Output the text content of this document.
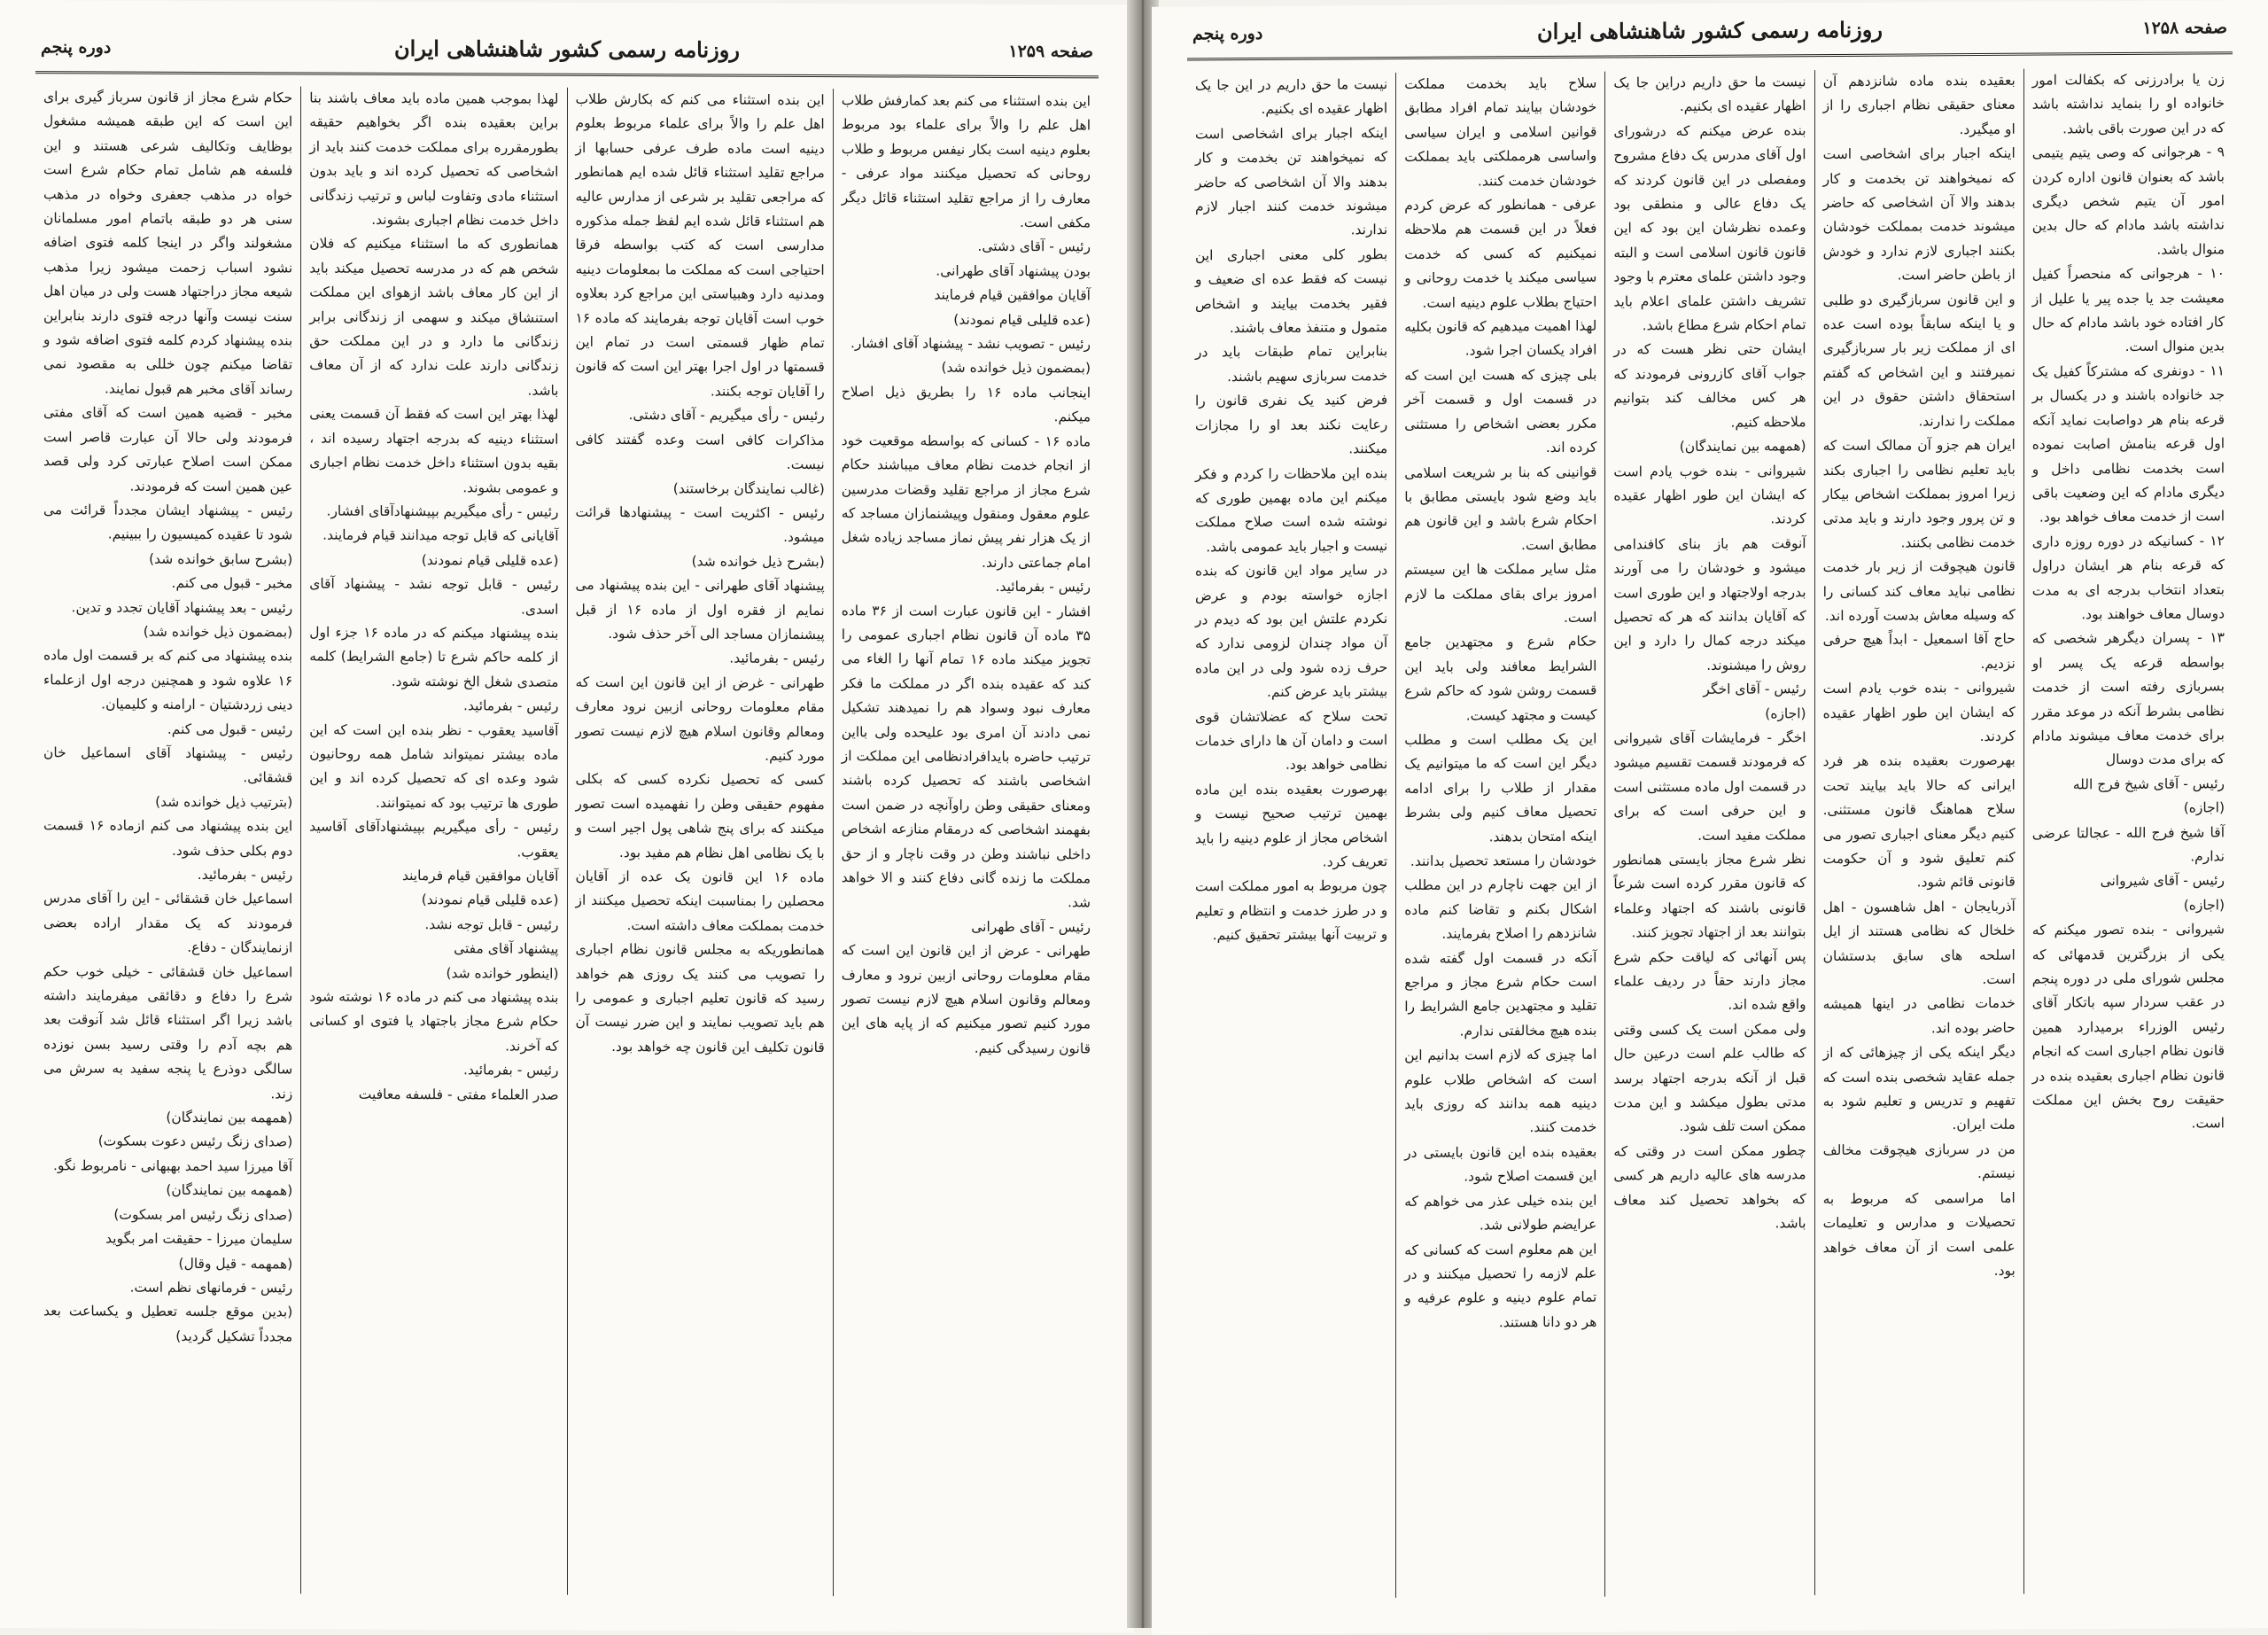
صفحه ۱۲۵۹
روزنامه رسمی کشور شاهنشاهی ایران
دوره پنجم
این بنده استثناء می کنم بعد کمارفش طلاب اهل علم را والاً برای علماء بود مربوط بعلوم دینیه است بکار نیفس مربوط و طلاب روحانی که تحصیل میکنند مواد عرفی - معارف را از مراجع تقلید استثناء قائل دیگر مکفی است.
رئیس - آقای دشتی.
بودن پیشنهاد آقای طهرانی.
آقایان موافقین قیام فرمایند
(عده قلیلی قیام نمودند)
رئیس - تصویب نشد - پیشنهاد آقای افشار.
(بمضمون ذیل خوانده شد)
اینجانب ماده ۱۶ را بطریق ذیل اصلاح میکنم.
ماده ۱۶ - کسانی که بواسطه موقعیت خود از انجام خدمت نظام معاف میباشند حکام شرع مجاز از مراجع تقلید وقضات مدرسین علوم معقول ومنقول وپیشنمازان مساجد که از یک هزار نفر پیش نماز مساجد زیاده شغل امام جماعتی دارند.
رئیس - بفرمائید.
افشار - این قانون عبارت است از ۳۶ ماده ۳۵ ماده آن قانون نظام اجباری عمومی را تجویز میکند ماده ۱۶ تمام آنها را الغاء می کند که عقیده بنده اگر در مملکت ما فکر معارف نبود وسواد هم را نمیدهند تشکیل نمی دادند آن امری بود علیحده ولی بااین ترتیب حاضره بایدافرادنظامی این مملکت از اشخاصی باشند که تحصیل کرده باشند ومعنای حقیقی وطن راوآنچه در ضمن است بفهمند اشخاصی که درمقام منازعه اشخاص داخلی نباشند وطن در وقت ناچار و از حق مملکت ما زنده گانی دفاع کنند و الا خواهد شد.
رئیس - آقای طهرانی
طهرانی - عرض از این قانون این است که مقام معلومات روحانی ازبین نرود و معارف ومعالم وقانون اسلام هیچ لازم نیست تصور مورد کنیم تصور میکنیم که از پایه های این قانون رسیدگی کنیم.
این بنده استثناء می کنم که بکارش طلاب اهل علم را والاً برای علماء مربوط بعلوم دینیه است ماده طرف عرفی حسابها از مراجع تقلید استثناء قائل شده ایم همانطور که مراجعی تقلید بر شرعی از مدارس عالیه هم استثناء قائل شده ایم لفظ جمله مذکوره مدارسی است که کتب بواسطه فرقا احتیاجی است که مملکت ما بمعلومات دینیه ومدنیه دارد وهبیاستی این مراجع کرد بعلاوه خوب است آقایان توجه بفرمایند که ماده ۱۶ تمام ظهار قسمتی است در تمام این قسمتها در اول اجرا بهتر این است که قانون را آقایان توجه بکنند.
رئیس - رأی میگیریم - آقای دشتی.
مذاکرات کافی است وعده گفتند کافی نیست.
(غالب نمایندگان برخاستند)
رئیس - اکثریت است - پیشنهادها قرائت میشود.
(بشرح ذیل خوانده شد)
پیشنهاد آقای طهرانی - این بنده پیشنهاد می نمایم از فقره اول از ماده ۱۶ از قبل پیشنمازان مساجد الی آخر حذف شود.
رئیس - بفرمائید.
طهرانی - غرض از این قانون این است که مقام معلومات روحانی ازبین نرود معارف ومعالم وقانون اسلام هیچ لازم نیست تصور مورد کنیم.
کسی که تحصیل نکرده کسی که بکلی مفهوم حقیقی وطن را نفهمیده است تصور میکنند که برای پنج شاهی پول اجیر است و با یک نظامی اهل نظام هم مفید بود.
ماده ۱۶ این قانون یک عده از آقایان محصلین را بمناسبت اینکه تحصیل میکنند از خدمت بمملکت معاف داشته است.
همانطوریکه به مجلس قانون نظام اجباری را تصویب می کنند یک روزی هم خواهد رسید که قانون تعلیم اجباری و عمومی را هم باید تصویب نمایند و این ضرر نیست آن قانون تکلیف این قانون چه خواهد بود.
لهذا بموجب همین ماده باید معاف باشند بنا براین بعقیده بنده اگر بخواهیم حقیقه بطورمقرره برای مملکت خدمت کنند باید از اشخاصی که تحصیل کرده اند و باید بدون استثناء مادی وتفاوت لباس و ترتیب زندگانی داخل خدمت نظام اجباری بشوند.
همانطوری که ما استثناء میکنیم که فلان شخص هم که در مدرسه تحصیل میکند باید از این کار معاف باشد ازهوای این مملکت استنشاق میکند و سهمی از زندگانی برابر زندگانی ما دارد و در این مملکت حق زندگانی دارند علت ندارد که از آن معاف باشد.
لهذا بهتر این است که فقط آن قسمت یعنی استثناء دینیه که بدرجه اجتهاد رسیده اند ، بقیه بدون استثناء داخل خدمت نظام اجباری و عمومی بشوند.
رئیس - رأی میگیریم بپیشنهادآقای افشار.
آقایانی که قابل توجه میدانند قیام فرمایند.
(عده قلیلی قیام نمودند)
رئیس - قابل توجه نشد - پیشنهاد آقای اسدی.
بنده پیشنهاد میکنم که در ماده ۱۶ جزء اول از کلمه حاکم شرع تا (جامع الشرایط) کلمه متصدی شغل الخ نوشته شود.
رئیس - بفرمائید.
آقاسید یعقوب - نظر بنده این است که این ماده بیشتر نمیتواند شامل همه روحانیون شود وعده ای که تحصیل کرده اند و این طوری ها ترتیب بود که نمیتوانند.
رئیس - رأی میگیریم بپیشنهادآقای آقاسید یعقوب.
آقایان موافقین قیام فرمایند
(عده قلیلی قیام نمودند)
رئیس - قابل توجه نشد.
پیشنهاد آقای مفتی
(اینطور خوانده شد)
بنده پیشنهاد می کنم در ماده ۱۶ نوشته شود حکام شرع مجاز باجتهاد یا فتوی او کسانی که آخرند.
رئیس - بفرمائید.
صدر العلماء مفتی - فلسفه معافیت
حکام شرع مجاز از قانون سرباز گیری برای این است که این طبقه همیشه مشغول بوظایف وتکالیف شرعی هستند و این فلسفه هم شامل تمام حکام شرع است خواه در مذهب جعفری وخواه در مذهب سنی هر دو طبقه باتمام امور مسلمانان مشغولند واگر در اینجا کلمه فتوی اضافه نشود اسباب زحمت میشود زیرا مذهب شیعه مجاز دراجتهاد هست ولی در میان اهل سنت نیست وآنها درجه فتوی دارند بنابراین بنده پیشنهاد کردم کلمه فتوی اضافه شود و تقاضا میکنم چون خللی به مقصود نمی رساند آقای مخبر هم قبول نمایند.
مخبر - قضیه همین است که آقای مفتی فرمودند ولی حالا آن عبارت قاصر است ممکن است اصلاح عبارتی کرد ولی قصد عین همین است که فرمودند.
رئیس - پیشنهاد ایشان مجدداً قرائت می شود تا عقیده کمیسیون را ببینیم.
(بشرح سابق خوانده شد)
مخبر - قبول می کنم.
رئیس - بعد پیشنهاد آقایان تجدد و تدین.
(بمضمون ذیل خوانده شد)
بنده پیشنهاد می کنم که بر قسمت اول ماده ۱۶ علاوه شود و همچنین درجه اول ازعلماء دینی زردشتیان - ارامنه و کلیمیان.
رئیس - قبول می کنم.
رئیس - پیشنهاد آقای اسماعیل خان قشقائی.
(بترتیب ذیل خوانده شد)
این بنده پیشنهاد می کنم ازماده ۱۶ قسمت دوم بکلی حذف شود.
رئیس - بفرمائید.
اسماعیل خان قشقائی - این را آقای مدرس فرمودند که یک مقدار اراده بعضی ازنمایندگان - دفاع.
اسماعیل خان قشقائی - خیلی خوب حکم شرع را دفاع و دقائقی میفرمایند داشته باشد زیرا اگر استثناء قائل شد آنوقت بعد هم بچه آدم را وقتی رسید بسن نوزده سالگی دوذرع یا پنجه سفید به سرش می زند.
(همهمه بین نمایندگان)
(صدای زنگ رئیس دعوت بسکوت)
آقا میرزا سید احمد بهبهانی - نامربوط نگو.
(همهمه بین نمایندگان)
(صدای زنگ رئیس امر بسکوت)
سلیمان میرزا - حقیقت امر بگوید
(همهمه - قیل وقال)
رئیس - فرمانهای نظم است.
(بدین موقع جلسه تعطیل و یکساعت بعد مجدداً تشکیل گردید)
صفحه ۱۲۵۸
روزنامه رسمی کشور شاهنشاهی ایران
دوره پنجم
زن یا برادرزنی که بکفالت امور خانواده او را بنماید نداشته باشد که در این صورت باقی باشد.
۹ - هرجوانی که وصی یتیم یتیمی باشد که بعنوان قانون اداره کردن امور آن یتیم شخص دیگری نداشته باشد مادام که حال بدین منوال باشد.
۱۰ - هرجوانی که منحصراً کفیل معیشت جد یا جده پیر یا علیل از کار افتاده خود باشد مادام که حال بدین منوال است.
۱۱ - دونفری که مشترکاً کفیل یک جد خانواده باشند و در یکسال بر قرعه بنام هر دواصابت نماید آنکه اول قرعه بنامش اصابت نموده است بخدمت نظامی داخل و دیگری مادام که این وضعیت باقی است از خدمت معاف خواهد بود.
۱۲ - کسانیکه در دوره روزه دارى که قرعه بنام هر ایشان دراول بتعداد انتخاب بدرجه ای به مدت دوسال معاف خواهند بود.
۱۳ - پسران دیگرهر شخصی که بواسطه قرعه یک پسر او بسربازی رفته است از خدمت نظامی بشرط آنکه در موعد مقرر برای خدمت معاف میشوند مادام که برای مدت دوسال
رئیس - آقای شیخ فرج الله
(اجازه)
آقا شیخ فرج الله - عجالتا عرضی ندارم.
رئیس - آقای شیروانی
(اجازه)
شیروانی - بنده تصور میکنم که یکی از بزرگترین قدمهائی که مجلس شورای ملی در دوره پنجم در عقب سردار سپه باتکار آقای رئیس الوزراء برمیدارد همین قانون نظام اجباری است که انجام قانون نظام اجباری بعقیده بنده در حقیقت روح بخش این مملکت است.
بعقیده بنده ماده شانزدهم آن معنای حقیقی نظام اجباری را از او میگیرد.
اینکه اجبار برای اشخاصی است که نمیخواهند تن بخدمت و کار بدهند والا آن اشخاصی که حاضر میشوند خدمت بمملکت خودشان بکنند اجباری لازم ندارد و خودش از باطن حاضر است.
و این قانون سربازگیری دو طلبی و یا اینکه سابقاً بوده است عده ای از مملکت زیر بار سربازگیری نمیرفتند و این اشخاص که گفتم استحقاق داشتن حقوق در این مملکت را ندارند.
ایران هم جزو آن ممالک است که باید تعلیم نظامی را اجباری بکند زیرا امروز بمملکت اشخاص بیکار و تن پرور وجود دارند و باید مدتی خدمت نظامی بکنند.
قانون هیچوقت از زیر بار خدمت نظامی نباید معاف کند کسانی را که وسیله معاش بدست آورده اند.
حاج آقا اسمعیل - ابداً هیچ حرفی نزدیم.
شیروانی - بنده خوب یادم است که ایشان این طور اظهار عقیده کردند.
بهرصورت بعقیده بنده هر فرد ایرانی که حالا باید بیایند تحت سلاح هماهنگ قانون مستثنی. کنیم دیگر معنای اجباری تصور می کنم تعلیق شود و آن حکومت قانونی قائم شود.
آذربایجان - اهل شاهسون - اهل خلخال که نظامی هستند از ایل اسلحه هاى سابق بدستشان است.
خدمات نظامی در اینها همیشه حاضر بوده اند.
دیگر اینکه یکی از چیزهائی که از جمله عقاید شخصی بنده است که تفهیم و تدریس و تعلیم شود به ملت ایران.
من در سربازی هیچوقت مخالف نیستم.
اما مراسمی که مربوط به تحصیلات و مدارس و تعلیمات علمی است از آن معاف خواهد بود.
نیست ما حق داریم دراین جا یک اظهار عقیده ای بکنیم.
بنده عرض میکنم که درشورای اول آقای مدرس یک دفاع مشروح ومفصلی در این قانون کردند که یک دفاع عالی و منطقی بود وعمده نظرشان این بود که این قانون قانون اسلامی است و البته وجود داشتن علمای معترم با وجود تشریف داشتن علمای اعلام باید تمام احکام شرع مطاع باشد.
ایشان حتی نظر هست که در جواب آقای کازرونی فرمودند که هر کس مخالف کند بتوانیم ملاحظه کنیم.
(همهمه بین نمایندگان)
شیروانی - بنده خوب یادم است که ایشان این طور اظهار عقیده کردند.
آنوقت هم باز بنای کافندامی میشود و خودشان را می آورند بدرجه اولاجتهاد و این طوری است که آقایان بدانند که هر که تحصیل میکند درجه کمال را دارد و این روش را میشنوند.
رئیس - آقای اخگر
(اجازه)
اخگر - فرمایشات آقای شیروانی که فرمودند قسمت تقسیم میشود در قسمت اول ماده مستثنی است و این حرفی است که برای مملکت مفید است.
نظر شرع مجاز بایستی همانطور که قانون مقرر کرده است شرعاً قانونی باشند که اجتهاد وعلماء بتوانند بعد از اجتهاد تجویز کنند.
پس آنهائی که لیاقت حکم شرع مجاز دارند حقاً در ردیف علماء واقع شده اند.
ولی ممکن است یک کسی وقتی که طالب علم است درعین حال قبل از آنکه بدرجه اجتهاد برسد مدتی بطول میکشد و این مدت ممکن است تلف شود.
چطور ممکن است در وقتی که مدرسه های عالیه داریم هر کسی که بخواهد تحصیل کند معاف باشد.
سلاح باید بخدمت مملکت خودشان بیایند تمام افراد مطابق قوانین اسلامی و ایران سیاسی واساسی هرمملکتی باید بمملکت خودشان خدمت کنند.
عرفی - همانطور که عرض کردم فعلاً در این قسمت هم ملاحظه نمیکنیم که کسی که خدمت سیاسی میکند یا خدمت روحانی و احتیاج بطلاب علوم دینیه است.
لهذا اهمیت میدهیم که قانون بکلیه افراد یکسان اجرا شود.
بلی چیزی که هست این است که در قسمت اول و قسمت آخر مکرر بعضی اشخاص را مستثنی کرده اند.
قوانینی که بنا بر شریعت اسلامی باید وضع شود بایستی مطابق با احکام شرع باشد و این قانون هم مطابق است.
مثل سایر مملکت ها این سیستم امروز برای بقای مملکت ما لازم است.
حکام شرع و مجتهدین جامع الشرایط معافند ولی باید این قسمت روشن شود که حاکم شرع کیست و مجتهد کیست.
این یک مطلب است و مطلب دیگر این است که ما میتوانیم یک مقدار از طلاب را برای ادامه تحصیل معاف کنیم ولی بشرط اینکه امتحان بدهند.
خودشان را مستعد تحصیل بدانند.
از این جهت ناچارم در این مطلب اشکال بکنم و تقاضا کنم ماده شانزدهم را اصلاح بفرمایند.
آنکه در قسمت اول گفته شده است حکام شرع مجاز و مراجع تقلید و مجتهدین جامع الشرایط را بنده هیچ مخالفتی ندارم.
اما چیزی که لازم است بدانیم این است که اشخاص طلاب علوم دینیه همه بدانند که روزی باید خدمت کنند.
بعقیده بنده این قانون بایستی در این قسمت اصلاح شود.
این بنده خیلی عذر می خواهم که عرایضم طولانی شد.
این هم معلوم است که کسانی که علم لازمه را تحصیل میکنند و در تمام علوم دینیه و علوم عرفیه و هر دو دانا هستند.
نیست ما حق داریم در این جا یک اظهار عقیده ای بکنیم.
اینکه اجبار برای اشخاصی است که نمیخواهند تن بخدمت و کار بدهند والا آن اشخاصی که حاضر میشوند خدمت کنند اجبار لازم ندارند.
بطور کلی معنی اجباری این نیست که فقط عده ای ضعیف و فقیر بخدمت بیایند و اشخاص متمول و متنفذ معاف باشند.
بنابراین تمام طبقات باید در خدمت سربازی سهیم باشند.
فرض کنید یک نفری قانون را رعایت نکند بعد او را مجازات میکنند.
بنده این ملاحظات را کردم و فکر میکنم این ماده بهمین طوری که نوشته شده است صلاح مملکت نیست و اجبار باید عمومی باشد.
در سایر مواد این قانون که بنده اجازه خواسته بودم و عرض نکردم علتش این بود که دیدم در آن مواد چندان لزومی ندارد که حرف زده شود ولی در این ماده بیشتر باید عرض کنم.
تحت سلاح که عضلاتشان قوی است و دامان آن ها دارای خدمات نظامی خواهد بود.
بهرصورت بعقیده بنده این ماده بهمین ترتیب صحیح نیست و اشخاص مجاز از علوم دینیه را باید تعریف کرد.
چون مربوط به امور مملکت است و در طرز خدمت و انتظام و تعلیم و تربیت آنها بیشتر تحقیق کنیم.
